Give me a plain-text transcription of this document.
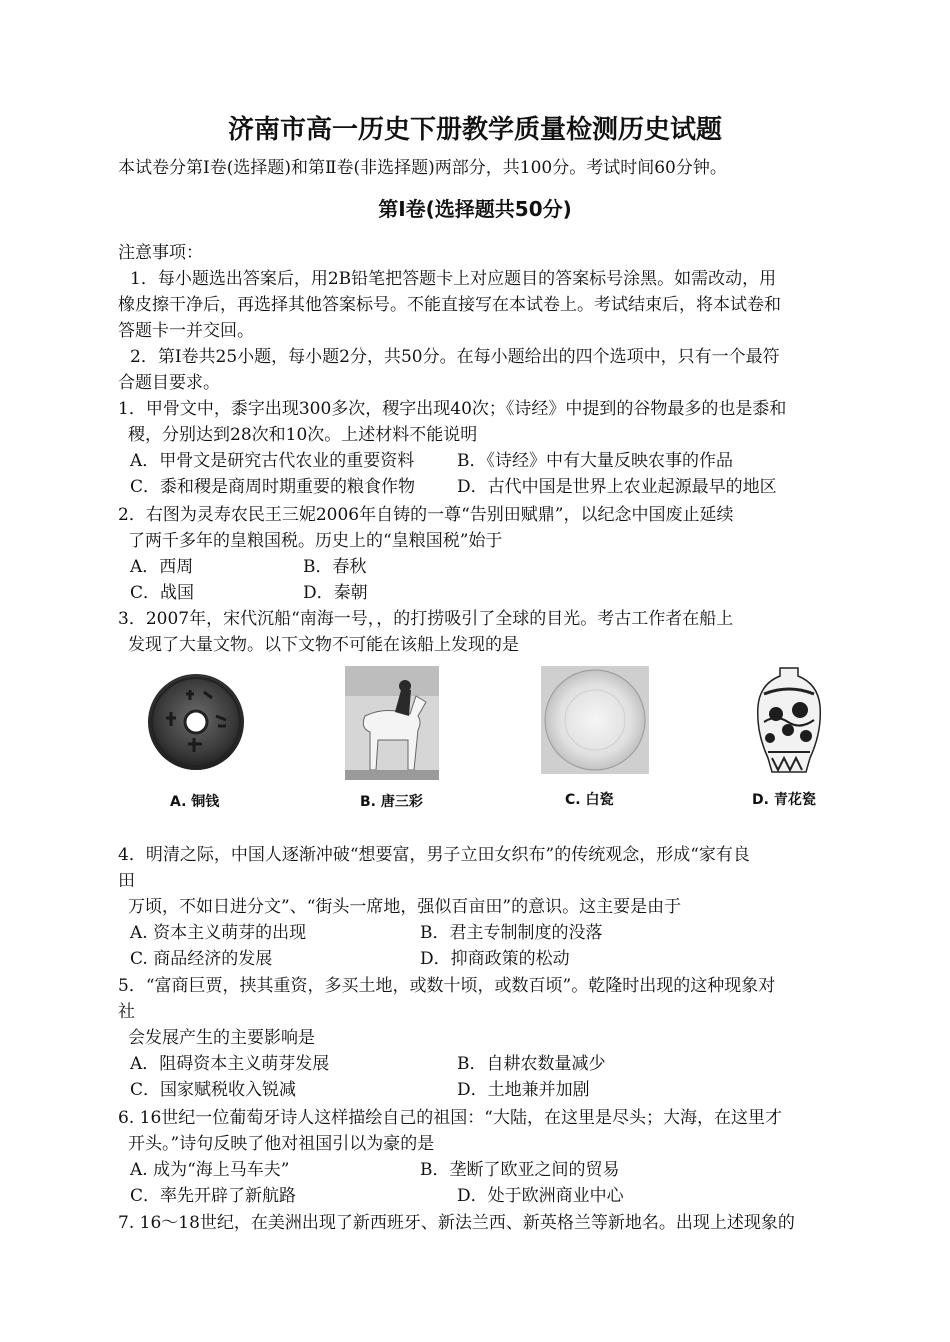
济南市高一历史下册教学质量检测历史试题
本试卷分第Ⅰ卷(选择题)和第Ⅱ卷(非选择题)两部分，共100分。考试时间60分钟。
第Ⅰ卷(选择题共50分)
注意事项：
1．每小题选出答案后，用2B铅笔把答题卡上对应题目的答案标号涂黑。如需改动，用
橡皮擦干净后，再选择其他答案标号。不能直接写在本试卷上。考试结束后，将本试卷和
答题卡一并交回。
2．第Ⅰ卷共25小题，每小题2分，共50分。在每小题给出的四个选项中，只有一个最符
合题目要求。
1．甲骨文中，黍字出现300多次，稷字出现40次；《诗经》中提到的谷物最多的也是黍和
稷，分别达到28次和10次。上述材料不能说明
A．甲骨文是研究古代农业的重要资料	B．《诗经》中有大量反映农事的作品
C．黍和稷是商周时期重要的粮食作物 D．古代中国是世界上农业起源最早的地区
2．右图为灵寿农民王三妮2006年自铸的一尊“告别田赋鼎”，以纪念中国废止延续
了两千多年的皇粮国税。历史上的“皇粮国税”始于
A．西周	B．春秋
C．战国	D．秦朝
3．2007年，宋代沉船“南海一号，，的打捞吸引了全球的目光。考古工作者在船上
发现了大量文物。以下文物不可能在该船上发现的是
A. 铜钱	B. 唐三彩	C. 白瓷	D. 青花瓷
4．明清之际，中国人逐渐冲破“想要富，男子立田女织布”的传统观念，形成“家有良
田
万顷，不如日进分文”、“街头一席地，强似百亩田”的意识。这主要是由于
A. 资本主义萌芽的出现	B．君主专制制度的没落
C. 商品经济的发展	D．抑商政策的松动
5．“富商巨贾，挟其重资，多买土地，或数十顷，或数百顷”。乾隆时出现的这种现象对
社
会发展产生的主要影响是
A．阻碍资本主义萌芽发展	B．自耕农数量减少
C．国家赋税收入锐减	D．土地兼并加剧
6. 16世纪一位葡萄牙诗人这样描绘自己的祖国：“大陆，在这里是尽头；大海，在这里才
开头。”诗句反映了他对祖国引以为豪的是
A. 成为“海上马车夫”	B．垄断了欧亚之间的贸易
C．率先开辟了新航路	D．处于欧洲商业中心
7. 16～18世纪，在美洲出现了新西班牙、新法兰西、新英格兰等新地名。出现上述现象的
